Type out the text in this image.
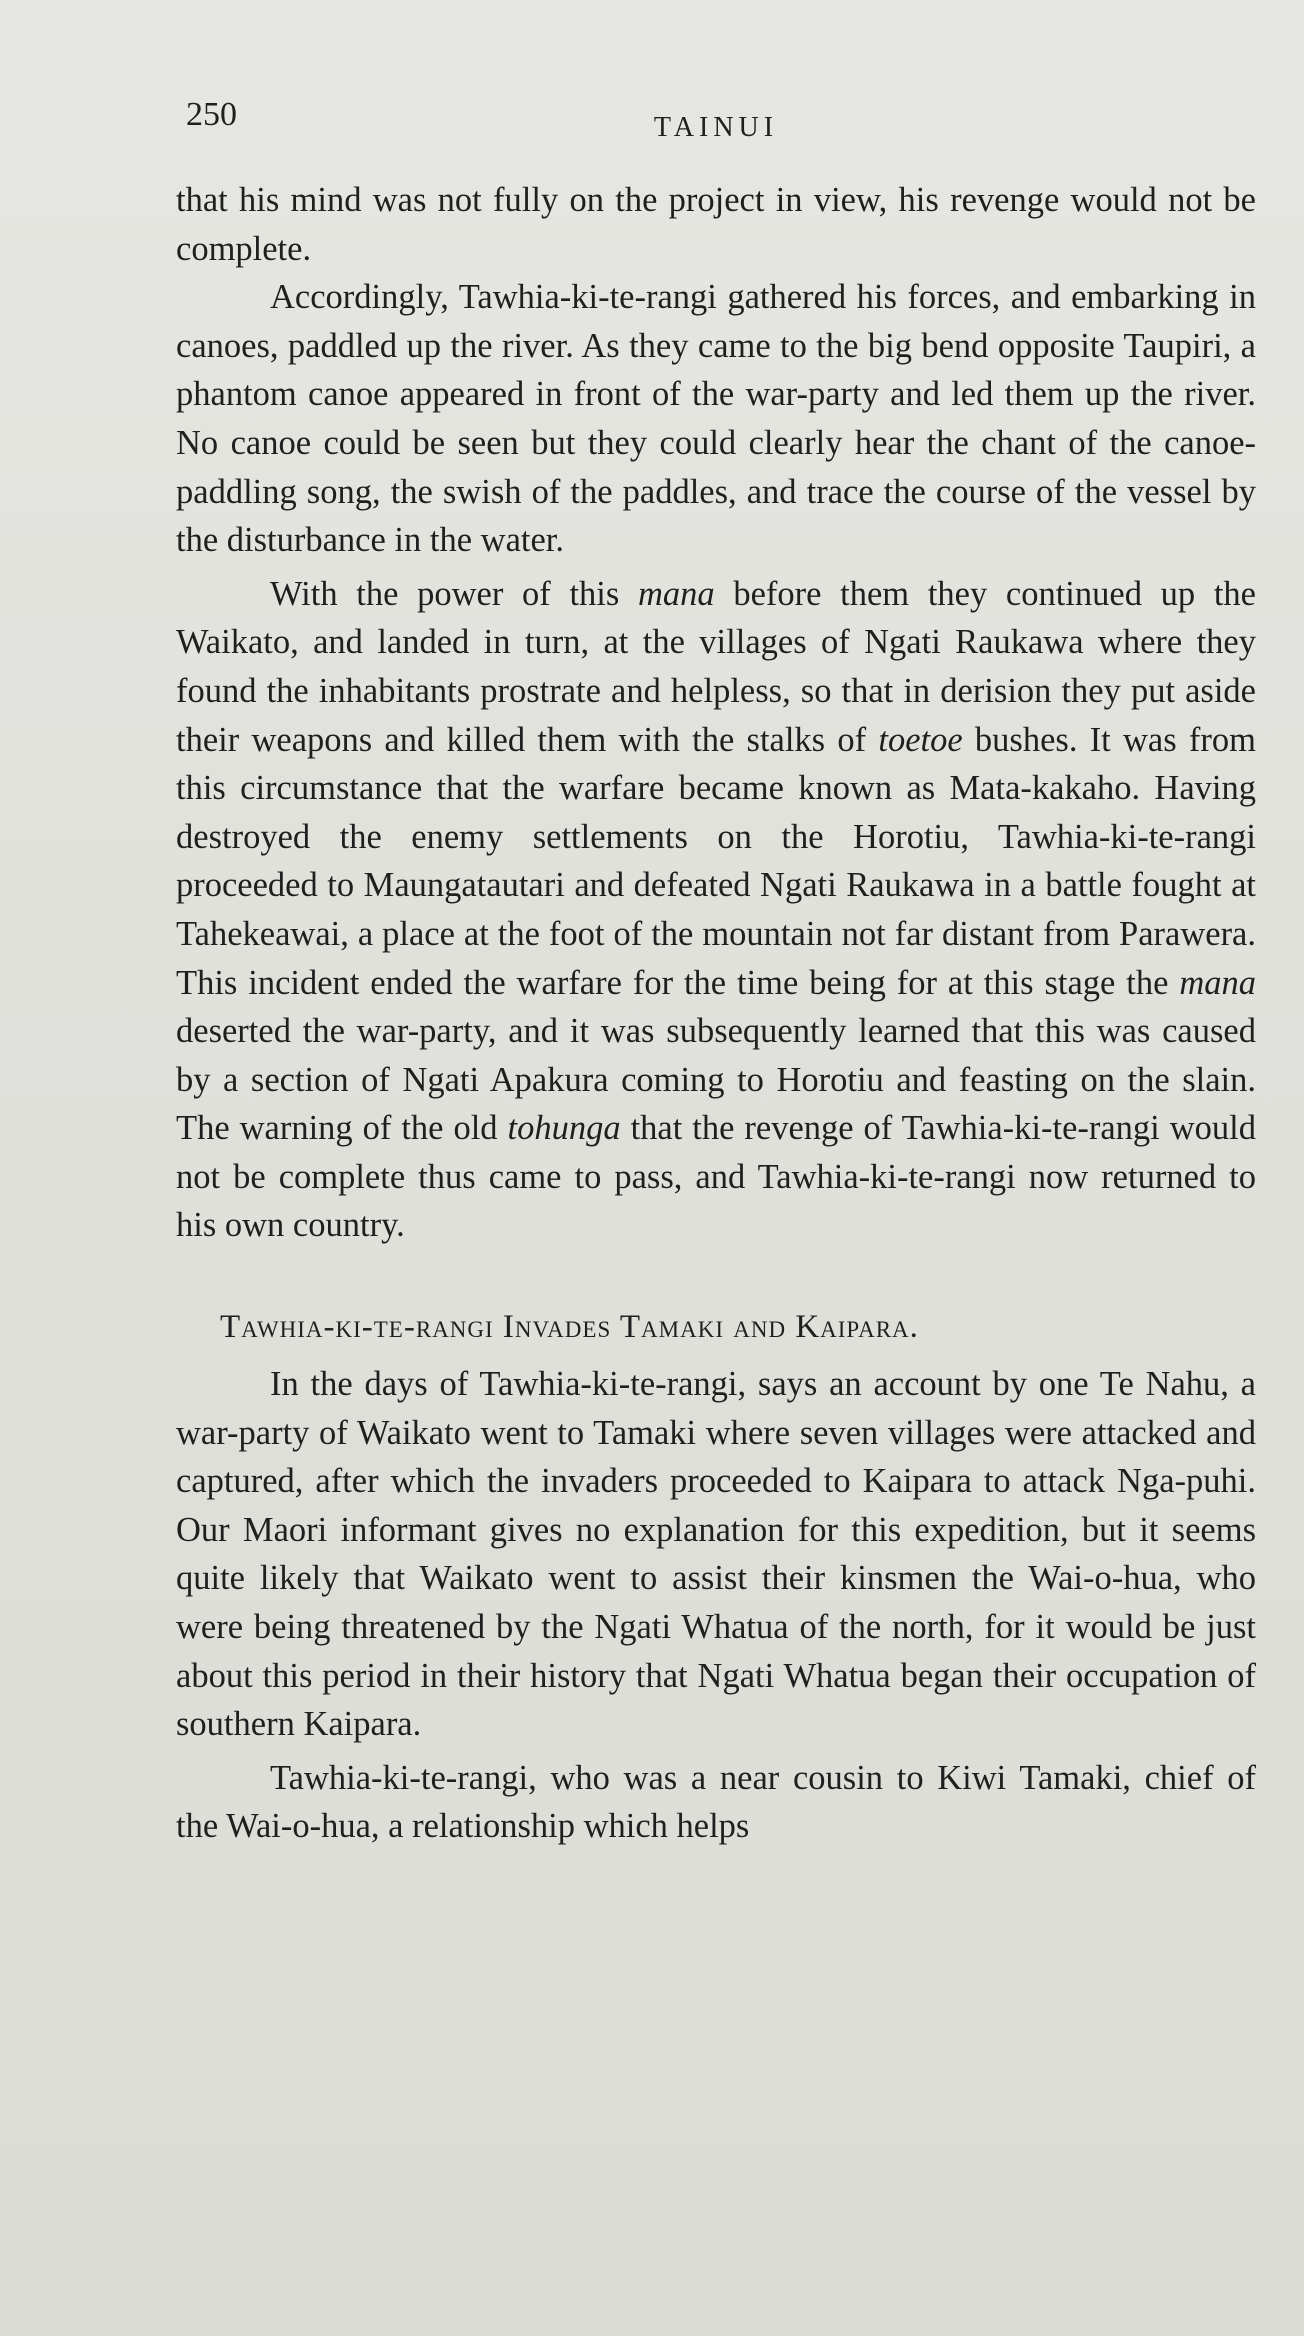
250	TAINUI

that his mind was not fully on the project in view, his revenge would not be complete.

Accordingly, Tawhia-ki-te-rangi gathered his forces, and embarking in canoes, paddled up the river. As they came to the big bend opposite Taupiri, a phantom canoe appeared in front of the war-party and led them up the river. No canoe could be seen but they could clearly hear the chant of the canoe-paddling song, the swish of the paddles, and trace the course of the vessel by the disturbance in the water.

With the power of this mana before them they continued up the Waikato, and landed in turn, at the villages of Ngati Raukawa where they found the inhabitants prostrate and helpless, so that in derision they put aside their weapons and killed them with the stalks of toetoe bushes. It was from this circumstance that the warfare became known as Mata-kakaho. Having destroyed the enemy settlements on the Horotiu, Tawhia-ki-te-rangi proceeded to Maungatautari and defeated Ngati Raukawa in a battle fought at Tahekeawai, a place at the foot of the mountain not far distant from Parawera. This incident ended the warfare for the time being for at this stage the mana deserted the war-party, and it was subsequently learned that this was caused by a section of Ngati Apakura coming to Horotiu and feasting on the slain. The warning of the old tohunga that the revenge of Tawhia-ki-te-rangi would not be complete thus came to pass, and Tawhia-ki-te-rangi now returned to his own country.

Tawhia-ki-te-rangi Invades Tamaki and Kaipara.

In the days of Tawhia-ki-te-rangi, says an account by one Te Nahu, a war-party of Waikato went to Tamaki where seven villages were attacked and captured, after which the invaders proceeded to Kaipara to attack Nga-puhi. Our Maori informant gives no explanation for this expedition, but it seems quite likely that Waikato went to assist their kinsmen the Wai-o-hua, who were being threatened by the Ngati Whatua of the north, for it would be just about this period in their history that Ngati Whatua began their occupation of southern Kaipara.

Tawhia-ki-te-rangi, who was a near cousin to Kiwi Tamaki, chief of the Wai-o-hua, a relationship which helps
